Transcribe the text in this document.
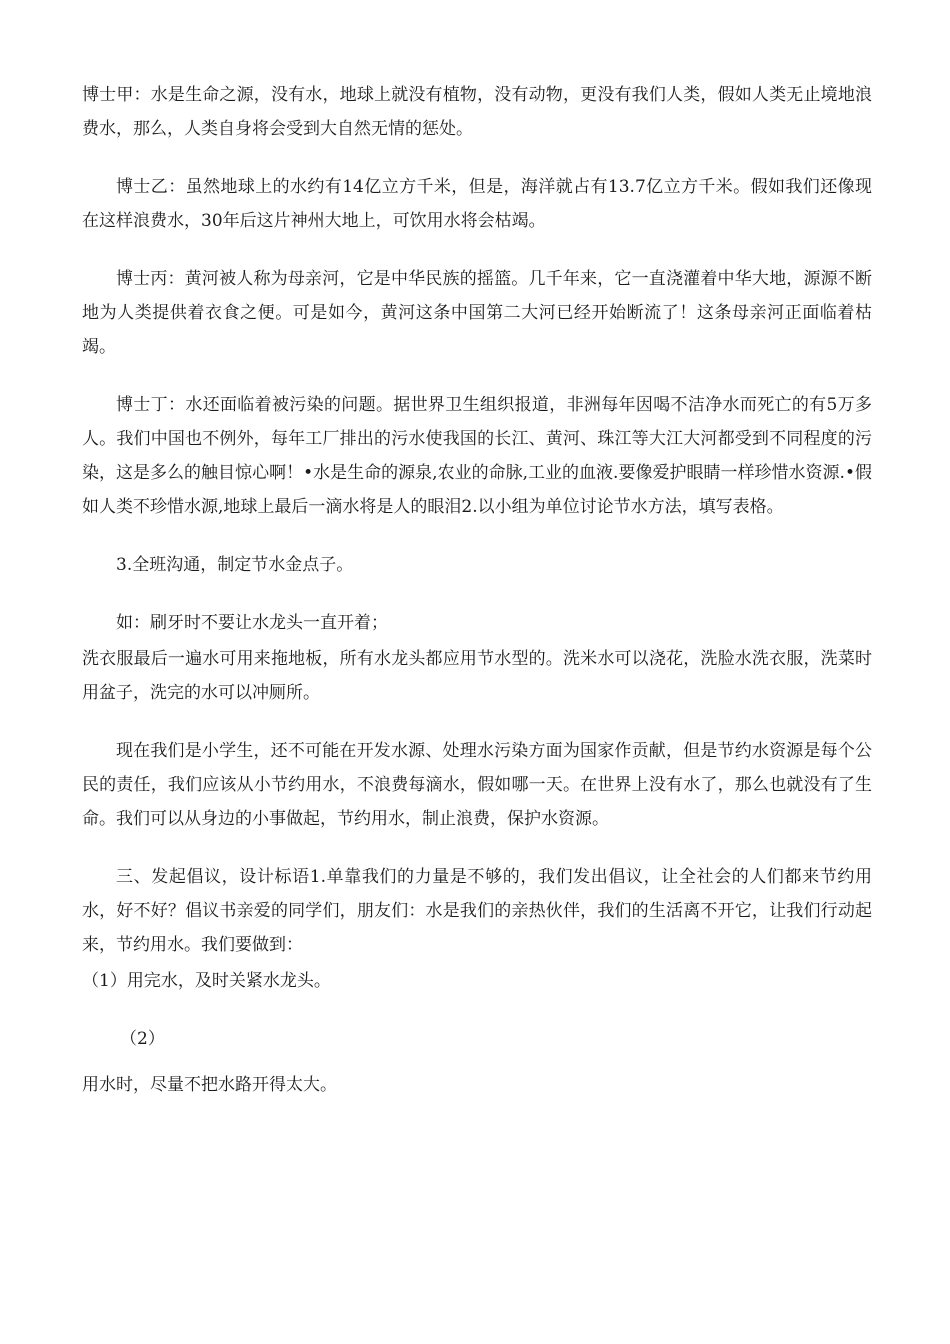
博士甲：水是生命之源，没有水，地球上就没有植物，没有动物，更没有我们人类，假如人类无止境地浪费水，那么，人类自身将会受到大自然无情的惩处。

博士乙：虽然地球上的水约有14亿立方千米，但是，海洋就占有13.7亿立方千米。假如我们还像现在这样浪费水，30年后这片神州大地上，可饮用水将会枯竭。

博士丙：黄河被人称为母亲河，它是中华民族的摇篮。几千年来，它一直浇灌着中华大地，源源不断地为人类提供着衣食之便。可是如今，黄河这条中国第二大河已经开始断流了！这条母亲河正面临着枯竭。

博士丁：水还面临着被污染的问题。据世界卫生组织报道，非洲每年因喝不洁净水而死亡的有5万多人。我们中国也不例外，每年工厂排出的污水使我国的长江、黄河、珠江等大江大河都受到不同程度的污染，这是多么的触目惊心啊！•水是生命的源泉,农业的命脉,工业的血液.要像爱护眼睛一样珍惜水资源.•假如人类不珍惜水源,地球上最后一滴水将是人的眼泪2.以小组为单位讨论节水方法，填写表格。

3.全班沟通，制定节水金点子。

如：刷牙时不要让水龙头一直开着；

洗衣服最后一遍水可用来拖地板，所有水龙头都应用节水型的。洗米水可以浇花，洗脸水洗衣服，洗菜时用盆子，洗完的水可以冲厕所。

现在我们是小学生，还不可能在开发水源、处理水污染方面为国家作贡献，但是节约水资源是每个公民的责任，我们应该从小节约用水，不浪费每滴水，假如哪一天。在世界上没有水了，那么也就没有了生命。我们可以从身边的小事做起，节约用水，制止浪费，保护水资源。

三、发起倡议，设计标语1.单靠我们的力量是不够的，我们发出倡议，让全社会的人们都来节约用水，好不好？倡议书亲爱的同学们，朋友们：水是我们的亲热伙伴，我们的生活离不开它，让我们行动起来，节约用水。我们要做到：

（1）用完水，及时关紧水龙头。

（2）

用水时，尽量不把水路开得太大。
